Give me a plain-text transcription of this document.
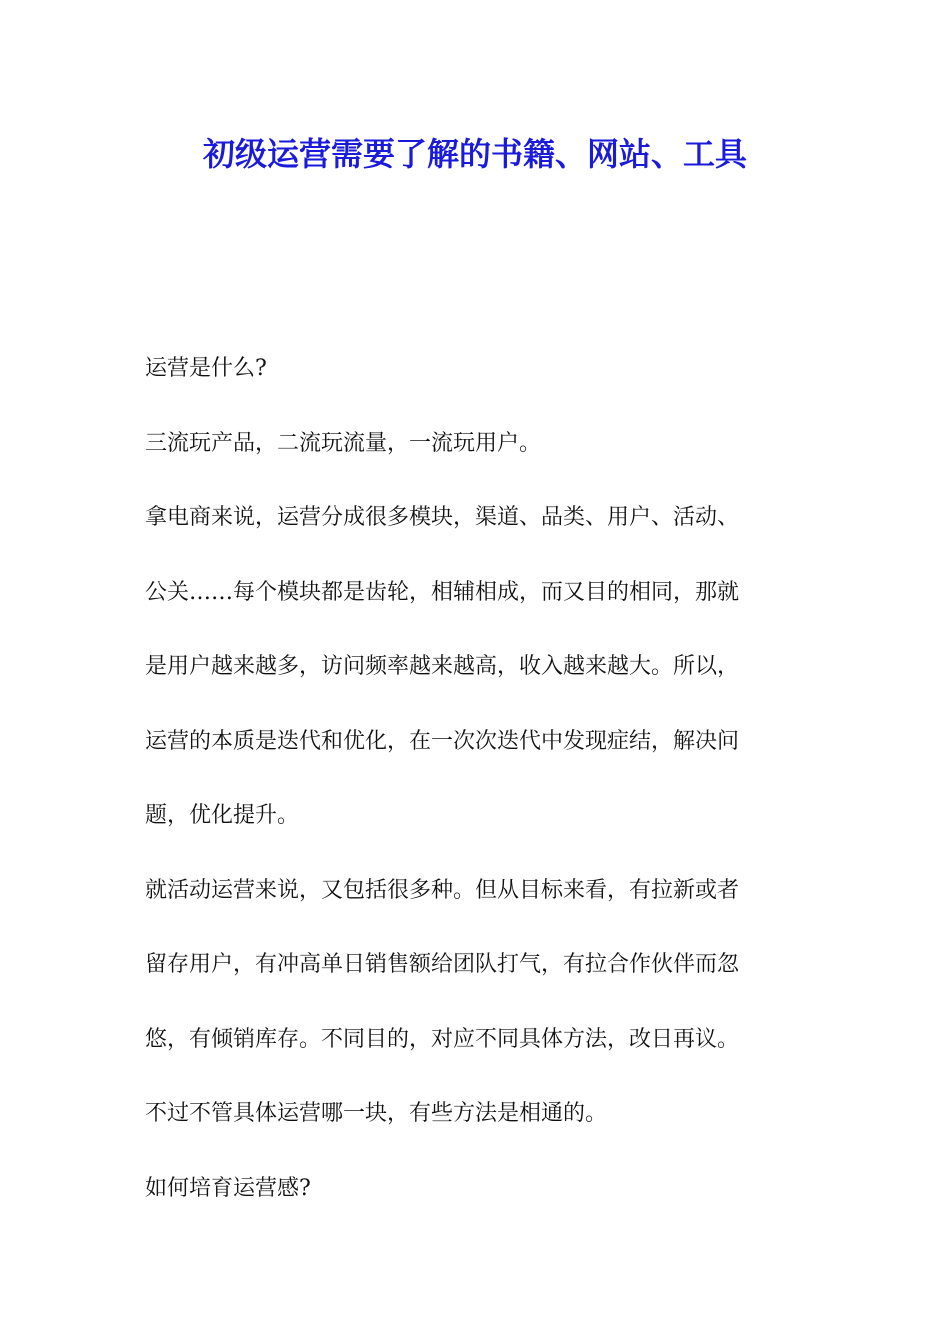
初级运营需要了解的书籍、网站、工具

运营是什么?

三流玩产品，二流玩流量，一流玩用户。

拿电商来说，运营分成很多模块，渠道、品类、用户、活动、

公关……每个模块都是齿轮，相辅相成，而又目的相同，那就

是用户越来越多，访问频率越来越高，收入越来越大。所以，

运营的本质是迭代和优化，在一次次迭代中发现症结，解决问

题，优化提升。

就活动运营来说，又包括很多种。但从目标来看，有拉新或者

留存用户，有冲高单日销售额给团队打气，有拉合作伙伴而忽

悠，有倾销库存。不同目的，对应不同具体方法，改日再议。

不过不管具体运营哪一块，有些方法是相通的。

如何培育运营感?
